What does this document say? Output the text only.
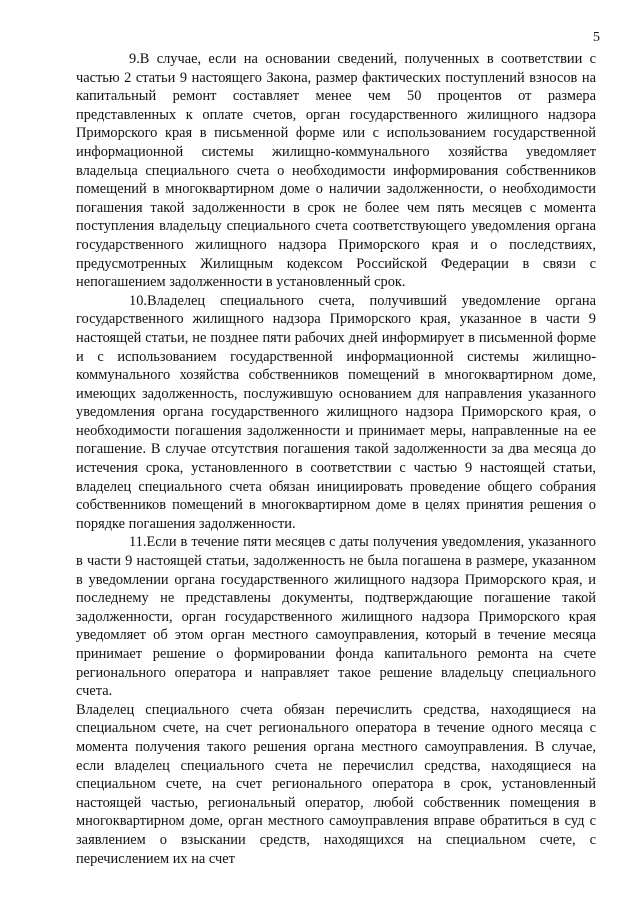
5

9.В случае, если на основании сведений, полученных в соответствии с частью 2 статьи 9 настоящего Закона, размер фактических поступлений взносов на капитальный ремонт составляет менее чем 50 процентов от размера представленных к оплате счетов, орган государственного жилищного надзора Приморского края в письменной форме или с использованием государственной информационной системы жилищно-коммунального хозяйства уведомляет владельца специального счета о необходимости информирования собственников помещений в многоквартирном доме о наличии задолженности, о необходимости погашения такой задолженности в срок не более чем пять месяцев с момента поступления владельцу специального счета соответствующего уведомления органа государственного жилищного надзора Приморского края и о последствиях, предусмотренных Жилищным кодексом Российской Федерации в связи с непогашением задолженности в установленный срок.

10.Владелец специального счета, получивший уведомление органа государственного жилищного надзора Приморского края, указанное в части 9 настоящей статьи, не позднее пяти рабочих дней информирует в письменной форме и с использованием государственной информационной системы жилищно-коммунального хозяйства собственников помещений в многоквартирном доме, имеющих задолженность, послужившую основанием для направления указанного уведомления органа государственного жилищного надзора Приморского края, о необходимости погашения задолженности и принимает меры, направленные на ее погашение. В случае отсутствия погашения такой задолженности за два месяца до истечения срока, установленного в соответствии с частью 9 настоящей статьи, владелец специального счета обязан инициировать проведение общего собрания собственников помещений в многоквартирном доме в целях принятия решения о порядке погашения задолженности.

11.Если в течение пяти месяцев с даты получения уведомления, указанного в части 9 настоящей статьи, задолженность не была погашена в размере, указанном в уведомлении органа государственного жилищного надзора Приморского края, и последнему не представлены документы, подтверждающие погашение такой задолженности, орган государственного жилищного надзора Приморского края уведомляет об этом орган местного самоуправления, который в течение месяца принимает решение о формировании фонда капитального ремонта на счете регионального оператора и направляет такое решение владельцу специального счета.

Владелец специального счета обязан перечислить средства, находящиеся на специальном счете, на счет регионального оператора в течение одного месяца с момента получения такого решения органа местного самоуправления. В случае, если владелец специального счета не перечислил средства, находящиеся на специальном счете, на счет регионального оператора в срок, установленный настоящей частью, региональный оператор, любой собственник помещения в многоквартирном доме, орган местного самоуправления вправе обратиться в суд с заявлением о взыскании средств, находящихся на специальном счете, с перечислением их на счет
